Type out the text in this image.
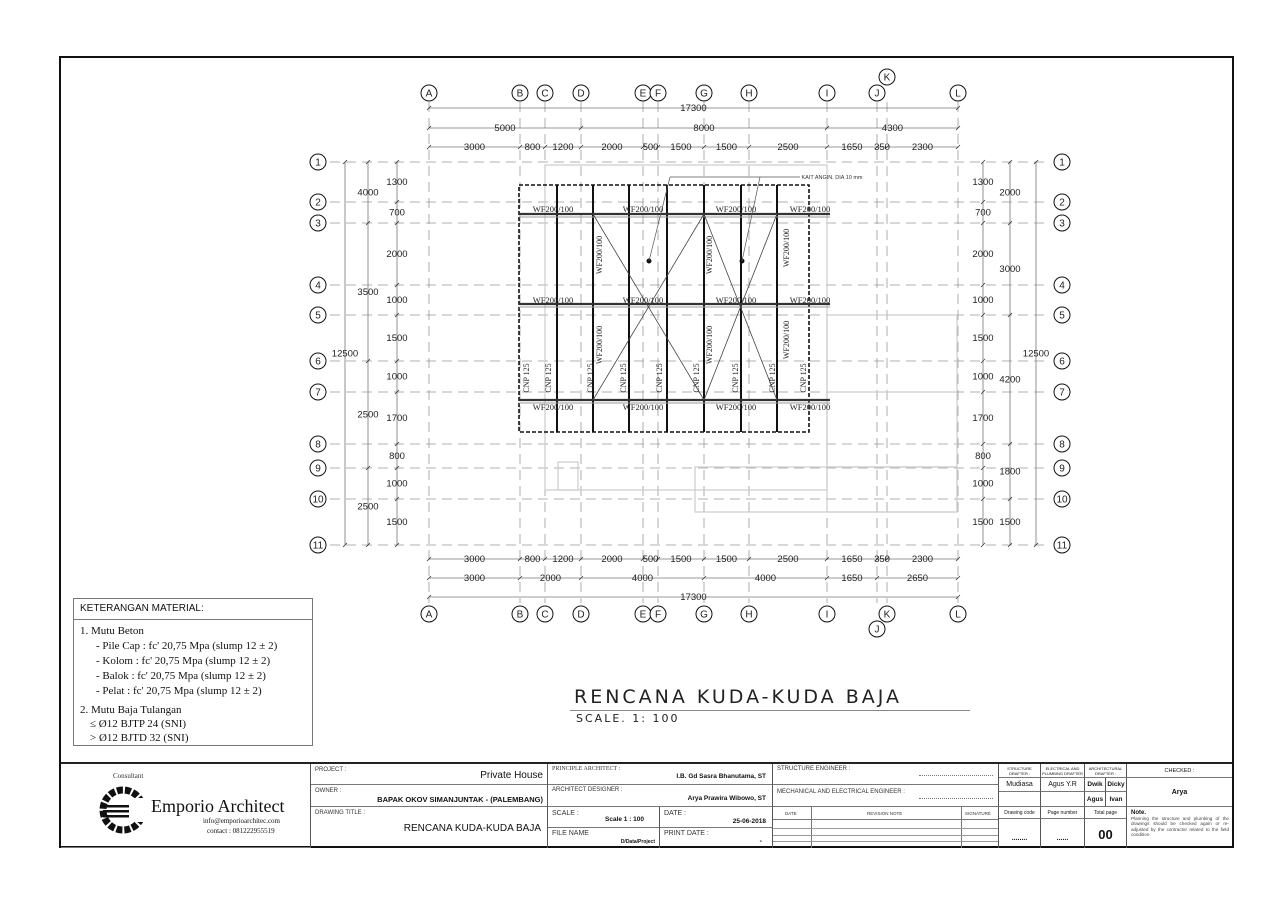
A
A
B
B
C
C
D
D
E
E
F
F
G
G
H
H
I
I
J
J
K
K
L
L
1	1
2	2
3	3
4	4
5	5
6	6
7	7
8	8
9	9
10	10
11	11
17300
5000	8000	4300
3000	800 1200	2000 500 1500	1500	2500	1650 350 2300
3000	800 1200	2000 500 1500	1500	2500	1650 350 2300
3000	2000	4000	4000	1650	2650
17300
1300
700
2000
1000
1500
1000
1700
800
1000
1500
4000
3500
2500
2500
12500
1300
700
2000
1000
1500
1000
1700
800
1000
1500
2000
3000
4200
1800
1500
12500
KAIT ANGIN. DIA 10 mm
WF200/100	WF200/100	WF200/100	WF200/100
WF200/100	WF200/100	WF200/100	WF200/100
WF200/100	WF200/100	WF200/100	WF200/100
WF200/100	WF200/100	WF200/100
WF200/100	WF200/100	WF200/100
CNP 125 CNP 125	CNP 125	CNP 125	CNP 125	CNP 125	CNP 125	CNP 125	CNP 125
RENCANA KUDA-KUDA BAJA
SCALE. 1: 100
KETERANGAN MATERIAL:
1. Mutu Beton
- Pile Cap : fc' 20,75 Mpa (slump 12 ± 2)
- Kolom : fc' 20,75 Mpa (slump 12 ± 2)
- Balok : fc' 20,75 Mpa (slump 12 ± 2)
- Pelat : fc' 20,75 Mpa (slump 12 ± 2)
2. Mutu Baja Tulangan
≤ Ø12 BJTP 24 (SNI)
> Ø12 BJTD 32 (SNI)
Consultant
Emporio Architect
info@emporioarchitec.com
contact : 081222955519
PROJECT :	Private House
OWNER :
BAPAK OKOV SIMANJUNTAK - (PALEMBANG)
DRAWING TITLE :
RENCANA KUDA-KUDA BAJA
PRINCIPLE ARCHITECT :
I.B. Gd Sasra Bhanutama, ST
ARCHITECT DESIGNER :
Arya Prawira Wibowo, ST
SCALE :
Scale 1 : 100
DATE :
25-06-2018
FILE NAME
D/Data/Project
PRINT DATE :
-
STRUCTURE ENGINEER :
MECHANICAL AND ELECTRICAL ENGINEER :
DATE	REVISION NOTE	SIGNATURE
STRUCTURE DRAFTER :
ELECTRICAL AND PLUMBING DRAFTER
ARCHITECTURAL DRAFTER :
Mudiasa	Agus Y.R	Dwik Dicky
Agus Ivan
Drawing code	Page number	Total page
........	......	00
CHECKED :
Arya
Note.
Planning the structure and plumbing of the drawings should be checked again or re-adjusted by the contractor related to the field condition
